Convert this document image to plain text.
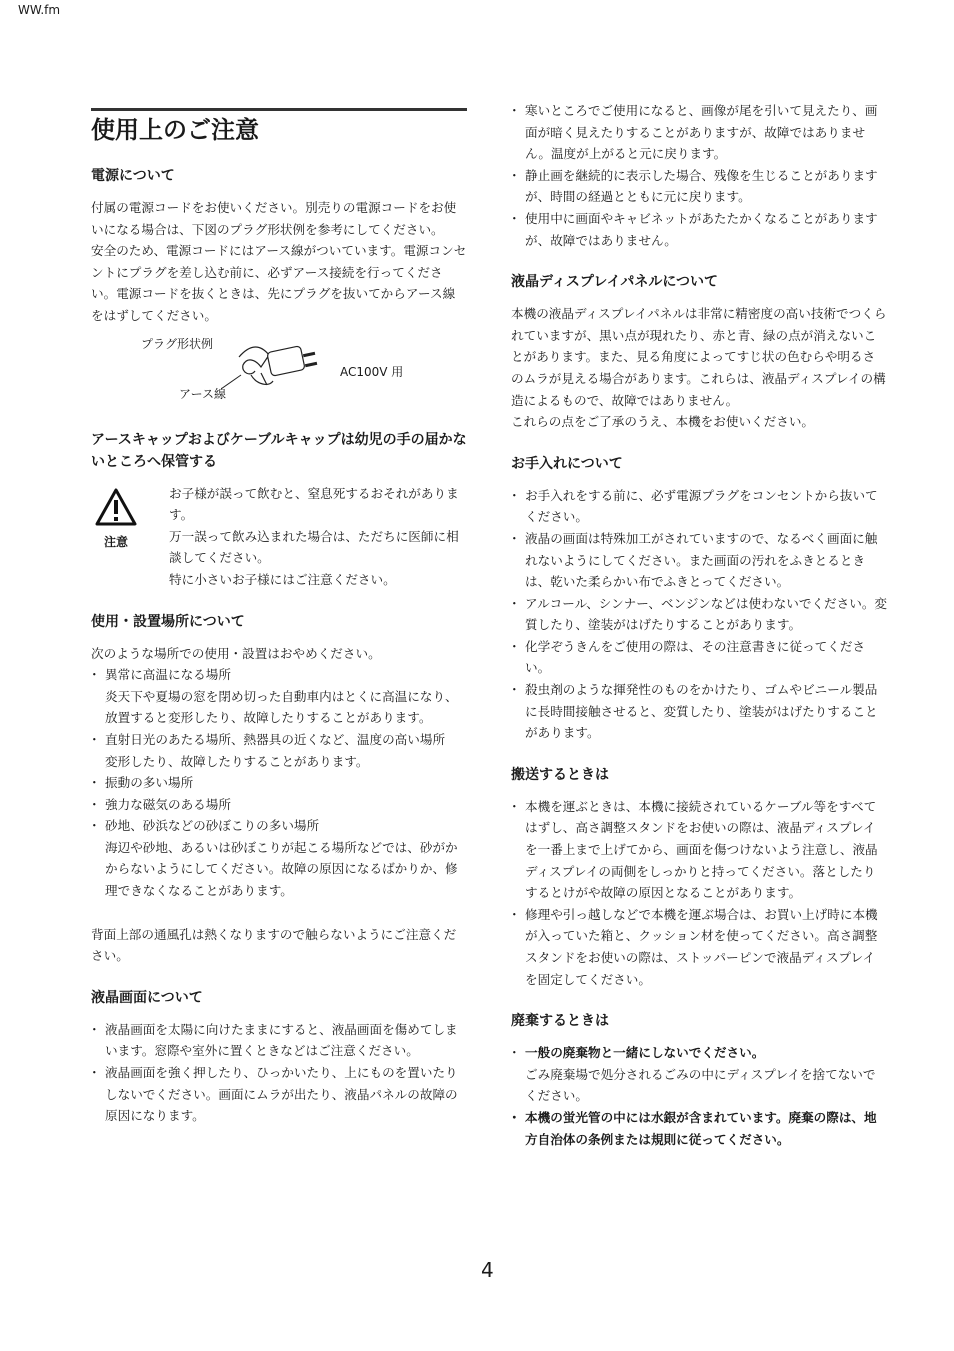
WW.fm
使用上のご注意
電源について

付属の電源コードをお使いください。別売りの電源コードをお使いになる場合は、下図のプラグ形状例を参考にしてください。

安全のため、電源コードにはアース線がついています。電源コンセントにプラグを差し込む前に、必ずアース接続を行ってください。電源コードを抜くときは、先にプラグを抜いてからアース線をはずしてください。

プラグ形状例
AC100V 用
アース線
アースキャップおよびケーブルキャップは幼児の手の届かないところへ保管する
注意

お子様が誤って飲むと、窒息死するおそれがあります。

万一誤って飲み込まれた場合は、ただちに医師に相談してください。

特に小さいお子様にはご注意ください。

使用・設置場所について

次のような場所での使用・設置はおやめください。

・ 異常に高温になる場所
炎天下や夏場の窓を閉め切った自動車内はとくに高温になり、放置すると変形したり、故障したりすることがあります。
・ 直射日光のあたる場所、熱器具の近くなど、温度の高い場所
変形したり、故障したりすることがあります。
・ 振動の多い場所
・ 強力な磁気のある場所
・ 砂地、砂浜などの砂ぼこりの多い場所
海辺や砂地、あるいは砂ぼこりが起こる場所などでは、砂がかからないようにしてください。故障の原因になるばかりか、修理できなくなることがあります。

背面上部の通風孔は熱くなりますので触らないようにご注意ください。

液晶画面について
・ 液晶画面を太陽に向けたままにすると、液晶画面を傷めてしまいます。窓際や室外に置くときなどはご注意ください。
・ 液晶画面を強く押したり、ひっかいたり、上にものを置いたりしないでください。画面にムラが出たり、液晶パネルの故障の原因になります。
・ 寒いところでご使用になると、画像が尾を引いて見えたり、画面が暗く見えたりすることがありますが、故障ではありません。温度が上がると元に戻ります。
・ 静止画を継続的に表示した場合、残像を生じることがありますが、時間の経過とともに元に戻ります。
・ 使用中に画面やキャビネットがあたたかくなることがありますが、故障ではありません。
液晶ディスプレイパネルについて

本機の液晶ディスプレイパネルは非常に精密度の高い技術でつくられていますが、黒い点が現れたり、赤と青、緑の点が消えないことがあります。また、見る角度によってすじ状の色むらや明るさのムラが見える場合があります。これらは、液晶ディスプレイの構造によるもので、故障ではありません。

これらの点をご了承のうえ、本機をお使いください。

お手入れについて
・ お手入れをする前に、必ず電源プラグをコンセントから抜いてください。
・ 液晶の画面は特殊加工がされていますので、なるべく画面に触れないようにしてください。また画面の汚れをふきとるときは、乾いた柔らかい布でふきとってください。
・ アルコール、シンナー、ベンジンなどは使わないでください。変質したり、塗装がはげたりすることがあります。
・ 化学ぞうきんをご使用の際は、その注意書きに従ってください。
・ 殺虫剤のような揮発性のものをかけたり、ゴムやビニール製品に長時間接触させると、変質したり、塗装がはげたりすることがあります。
搬送するときは
・ 本機を運ぶときは、本機に接続されているケーブル等をすべてはずし、高さ調整スタンドをお使いの際は、液晶ディスプレイを一番上まで上げてから、画面を傷つけないよう注意し、液晶ディスプレイの両側をしっかりと持ってください。落としたりするとけがや故障の原因となることがあります。
・ 修理や引っ越しなどで本機を運ぶ場合は、お買い上げ時に本機が入っていた箱と、クッション材を使ってください。高さ調整スタンドをお使いの際は、ストッパーピンで液晶ディスプレイを固定してください。
廃棄するときは
・ 一般の廃棄物と一緒にしないでください。
ごみ廃棄場で処分されるごみの中にディスプレイを捨てないでください。
・ 本機の蛍光管の中には水銀が含まれています。廃棄の際は、地方自治体の条例または規則に従ってください。
4
